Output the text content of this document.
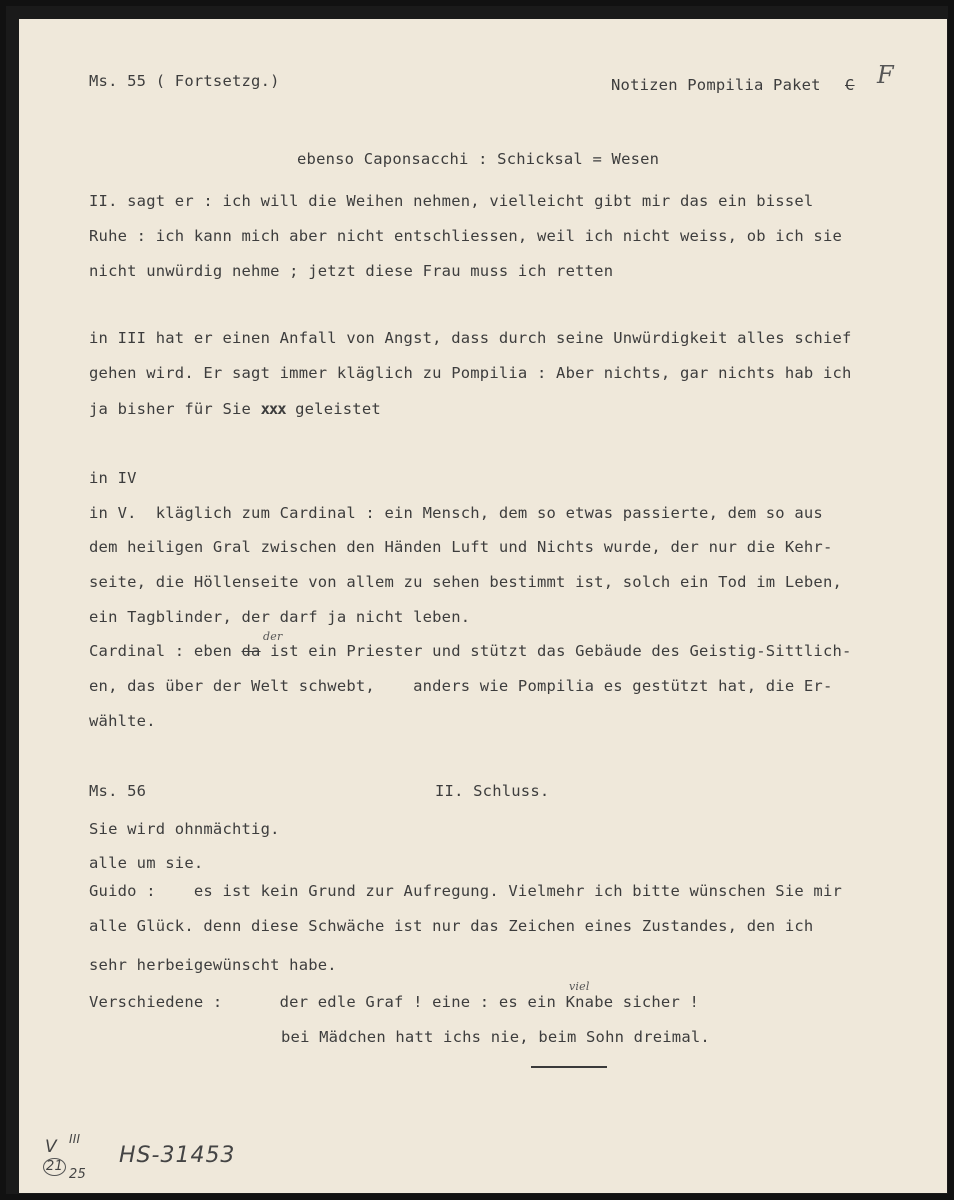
Ms. 55 ( Fortsetzg.)	Notizen Pompilia Paket C F
ebenso Caponsacchi : Schicksal = Wesen
II. sagt er : ich will die Weihen nehmen, vielleicht gibt mir das ein bissel
Ruhe : ich kann mich aber nicht entschliessen, weil ich nicht weiss, ob ich sie
nicht unwürdig nehme ; jetzt diese Frau muss ich retten
in III hat er einen Anfall von Angst, dass durch seine Unwürdigkeit alles schief
gehen wird. Er sagt immer kläglich zu Pompilia : Aber nichts, gar nichts hab ich
ja bisher für Sie xxx geleistet
in IV
in V.  kläglich zum Cardinal : ein Mensch, dem so etwas passierte, dem so aus
dem heiligen Gral zwischen den Händen Luft und Nichts wurde, der nur die Kehr-
seite, die Höllenseite von allem zu sehen bestimmt ist, solch ein Tod im Leben,
ein Tagblinder, der darf ja nicht leben.
Cardinal : eben da ist ein Priester und stützt das Gebäude des Geistig-Sittlich-
der
en, das über der Welt schwebt,    anders wie Pompilia es gestützt hat, die Er-
wählte.
Ms. 56	II. Schluss.
Sie wird ohnmächtig.
alle um sie.
Guido :    es ist kein Grund zur Aufregung. Vielmehr ich bitte wünschen Sie mir
alle Glück. denn diese Schwäche ist nur das Zeichen eines Zustandes, den ich
sehr herbeigewünscht habe.
Verschiedene :      der edle Graf ! eine : es ein Knabe sicher !
viel
bei Mädchen hatt ichs nie, beim Sohn dreimal.
V III
21
25
HS-31453
